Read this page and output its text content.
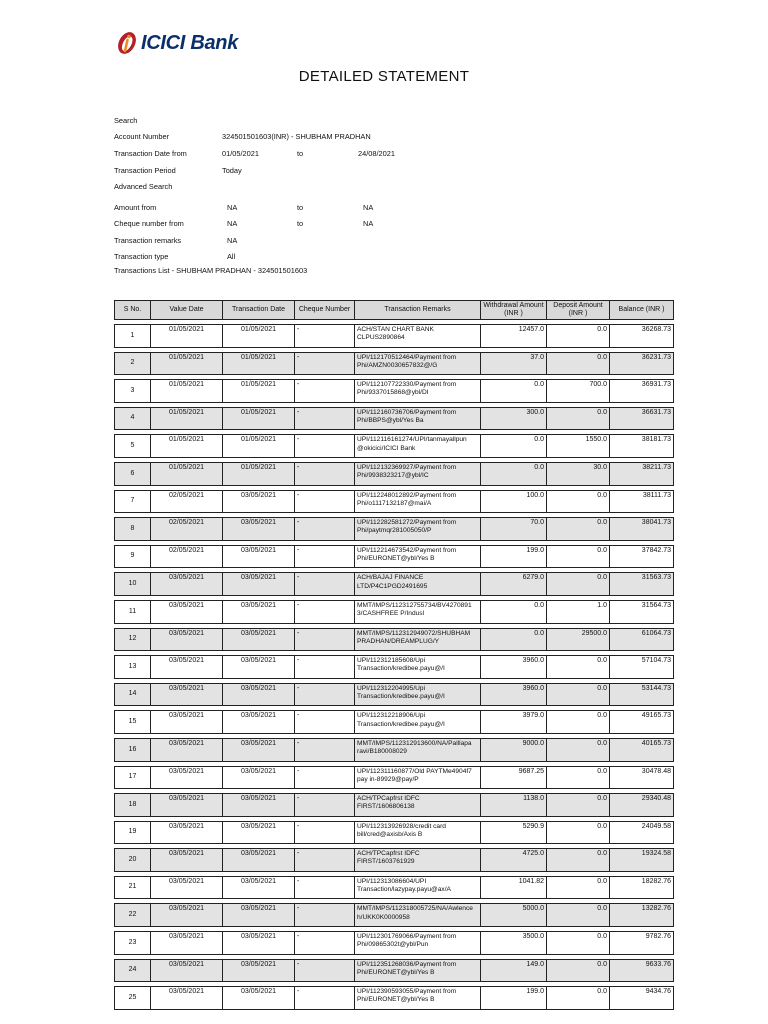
ICICI Bank
DETAILED STATEMENT
Search
Account Number	324501501603(INR) - SHUBHAM PRADHAN
Transaction Date from	01/05/2021	to	24/08/2021
Transaction Period	Today
Advanced Search
Amount from	NA	to	NA
Cheque number from	NA	to	NA
Transaction remarks	NA
Transaction type	All
Transactions List - SHUBHAM PRADHAN - 324501501603
S No.	Value Date	Transaction Date	Cheque Number	Transaction Remarks	Withdrawal Amount (INR )	Deposit Amount (INR )	Balance (INR )
1	01/05/2021	01/05/2021	-	ACH/STAN CHART BANK CLPUS2890864	12457.0	0.0	36268.73
2	01/05/2021	01/05/2021	-	UPI/112170512464/Payment from Phi/AMZN0030657832@/G	37.0	0.0	36231.73
3	01/05/2021	01/05/2021	-	UPI/112107722330/Payment from Phi/9337015868@ybl/DI	0.0	700.0	36931.73
4	01/05/2021	01/05/2021	-	UPI/112160736706/Payment from Phi/BBPS@ybl/Yes Ba	300.0	0.0	36631.73
5	01/05/2021	01/05/2021	-	UPI/112116161274/UPI/tanmayallpun @okicici/ICICI Bank	0.0	1550.0	38181.73
6	01/05/2021	01/05/2021	-	UPI/112132369927/Payment from Phi/9938323217@ybl/IC	0.0	30.0	38211.73
7	02/05/2021	03/05/2021	-	UPI/112248012892/Payment from Phi/o1117132187@mai/A	100.0	0.0	38111.73
8	02/05/2021	03/05/2021	-	UPI/112282581272/Payment from Phi/paytmqr281005050/P	70.0	0.0	38041.73
9	02/05/2021	03/05/2021	-	UPI/112214673542/Payment from Phi/EURONET@ybl/Yes B	199.0	0.0	37842.73
10	03/05/2021	03/05/2021	-	ACH/BAJAJ FINANCE LTD/P4C1PGD2491695	6279.0	0.0	31563.73
11	03/05/2021	03/05/2021	-	MMT/IMPS/112312755734/BV4270891 3/CASHFREE P/Indusl	0.0	1.0	31564.73
12	03/05/2021	03/05/2021	-	MMT/IMPS/112312949072/SHUBHAM PRADHAN/DREAMPLUG/Y	0.0	29500.0	61064.73
13	03/05/2021	03/05/2021	-	UPI/112312185608/Upi Transaction/kredibee.payu@/I	3960.0	0.0	57104.73
14	03/05/2021	03/05/2021	-	UPI/112312204995/Upi Transaction/kredibee.payu@/I	3960.0	0.0	53144.73
15	03/05/2021	03/05/2021	-	UPI/112312218906/Upi Transaction/kredibee.payu@/I	3979.0	0.0	49165.73
16	03/05/2021	03/05/2021	-	MMT/IMPS/112312913600/NA/Palllapa ravi/B180008029	9000.0	0.0	40165.73
17	03/05/2021	03/05/2021	-	UPI/112311160877/Old PAYTMe4904f7 pay in-89929@pay/P	9687.25	0.0	30478.48
18	03/05/2021	03/05/2021	-	ACH/TPCapfrst IDFC FIRST/1606806138	1138.0	0.0	29340.48
19	03/05/2021	03/05/2021	-	UPI/112313926928/credit card bill/cred@axisb/Axis B	5290.9	0.0	24049.58
20	03/05/2021	03/05/2021	-	ACH/TPCapfrst IDFC FIRST/1603761929	4725.0	0.0	19324.58
21	03/05/2021	03/05/2021	-	UPI/112313086604/UPI Transaction/lazypay.payu@ax/A	1041.82	0.0	18282.76
22	03/05/2021	03/05/2021	-	MMT/IMPS/112318005725/NA/Awlence h/UKK0K0000958	5000.0	0.0	13282.76
23	03/05/2021	03/05/2021	-	UPI/112301769066/Payment from Phi/09865302t@ybl/Pun	3500.0	0.0	9782.76
24	03/05/2021	03/05/2021	-	UPI/112351268036/Payment from Phi/EURONET@ybl/Yes B	149.0	0.0	9633.76
25	03/05/2021	03/05/2021	-	UPI/112390593055/Payment from Phi/EURONET@ybl/Yes B	199.0	0.0	9434.76
